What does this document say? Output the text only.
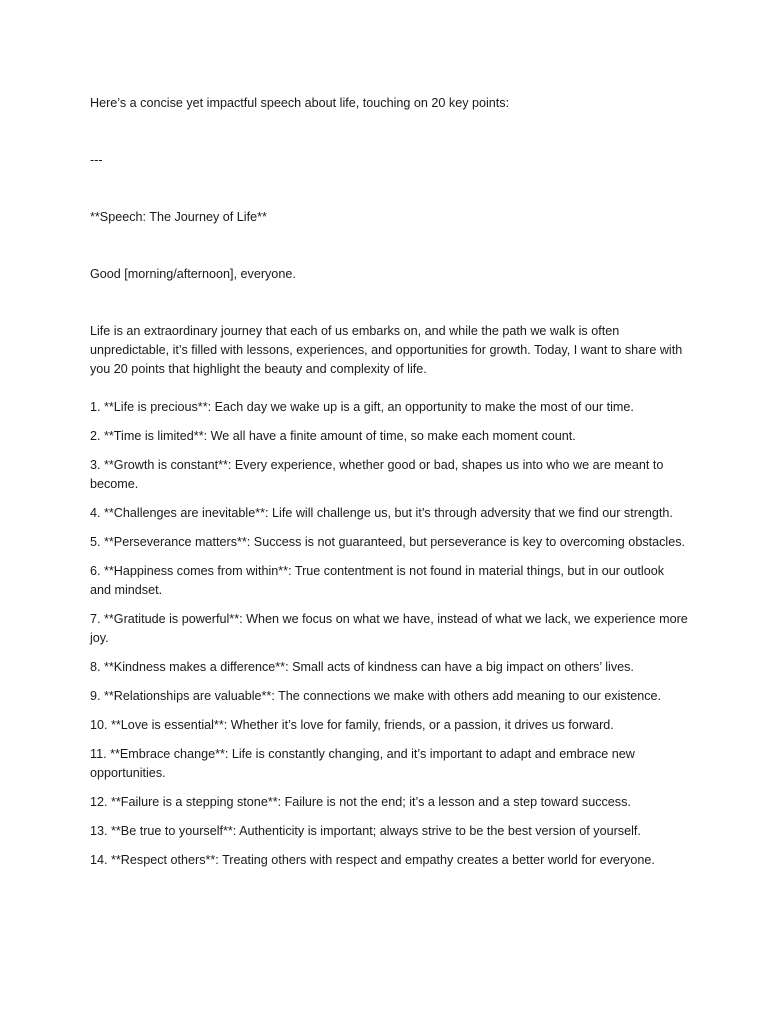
Here’s a concise yet impactful speech about life, touching on 20 key points:

---

**Speech: The Journey of Life**

Good [morning/afternoon], everyone.

Life is an extraordinary journey that each of us embarks on, and while the path we walk is often unpredictable, it’s filled with lessons, experiences, and opportunities for growth. Today, I want to share with you 20 points that highlight the beauty and complexity of life.

1. **Life is precious**: Each day we wake up is a gift, an opportunity to make the most of our time.

2. **Time is limited**: We all have a finite amount of time, so make each moment count.

3. **Growth is constant**: Every experience, whether good or bad, shapes us into who we are meant to become.

4. **Challenges are inevitable**: Life will challenge us, but it’s through adversity that we find our strength.

5. **Perseverance matters**: Success is not guaranteed, but perseverance is key to overcoming obstacles.

6. **Happiness comes from within**: True contentment is not found in material things, but in our outlook and mindset.

7. **Gratitude is powerful**: When we focus on what we have, instead of what we lack, we experience more joy.

8. **Kindness makes a difference**: Small acts of kindness can have a big impact on others’ lives.

9. **Relationships are valuable**: The connections we make with others add meaning to our existence.

10. **Love is essential**: Whether it’s love for family, friends, or a passion, it drives us forward.

11. **Embrace change**: Life is constantly changing, and it’s important to adapt and embrace new opportunities.

12. **Failure is a stepping stone**: Failure is not the end; it’s a lesson and a step toward success.

13. **Be true to yourself**: Authenticity is important; always strive to be the best version of yourself.

14. **Respect others**: Treating others with respect and empathy creates a better world for everyone.
